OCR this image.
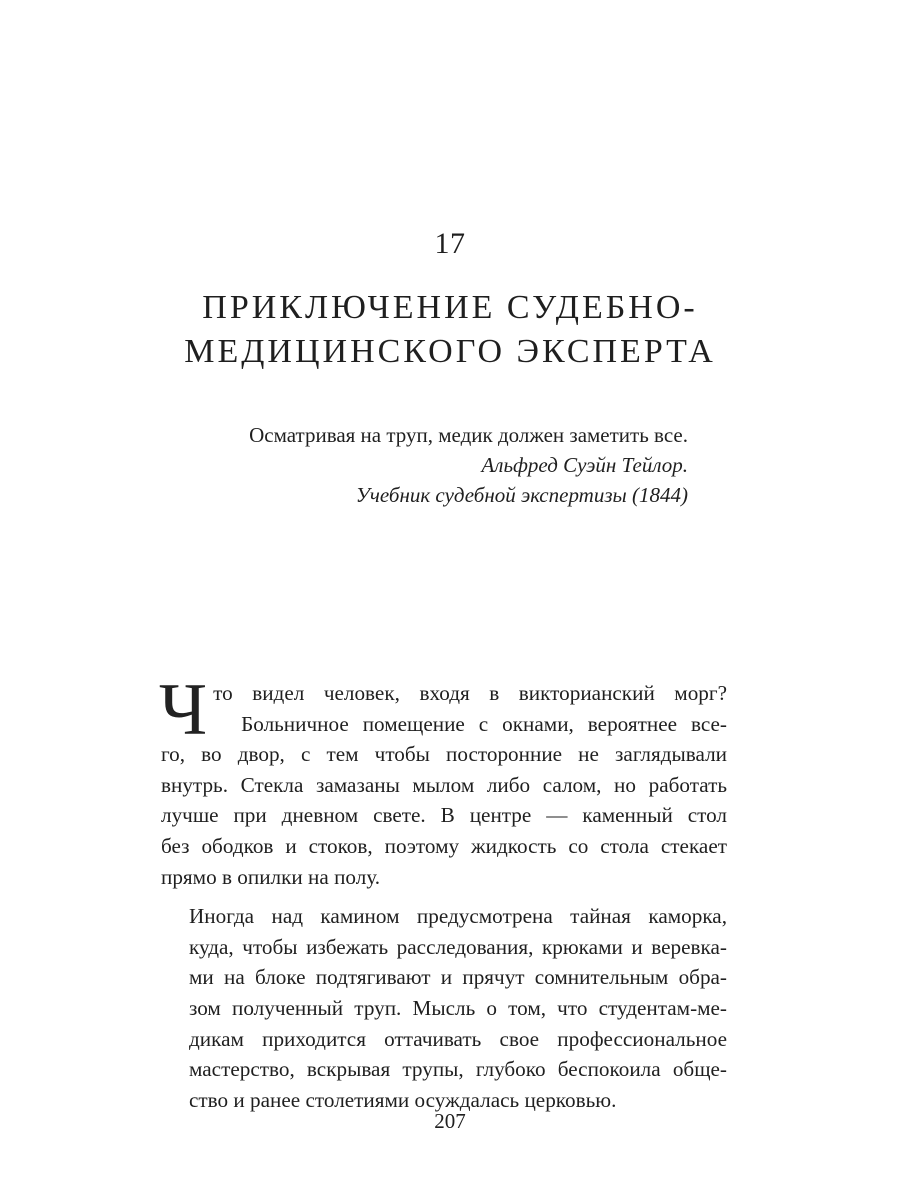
17
ПРИКЛЮЧЕНИЕ СУДЕБНО-
МЕДИЦИНСКОГО ЭКСПЕРТА
Осматривая на труп, медик должен заметить все.
Альфред Суэйн Тейлор.
Учебник судебной экспертизы (1844)

Ч то видел человек, входя в викторианский морг?
Больничное помещение с окнами, вероятнее все-
го, во двор, с тем чтобы посторонние не заглядывали
внутрь. Стекла замазаны мылом либо салом, но работать
лучше при дневном свете. В центре — каменный стол
без ободков и стоков, поэтому жидкость со стола стекает
прямо в опилки на полу.

Иногда над камином предусмотрена тайная каморка,
куда, чтобы избежать расследования, крюками и веревка-
ми на блоке подтягивают и прячут сомнительным обра-
зом полученный труп. Мысль о том, что студентам-ме-
дикам приходится оттачивать свое профессиональное
мастерство, вскрывая трупы, глубоко беспокоила обще-
ство и ранее столетиями осуждалась церковью.

207
